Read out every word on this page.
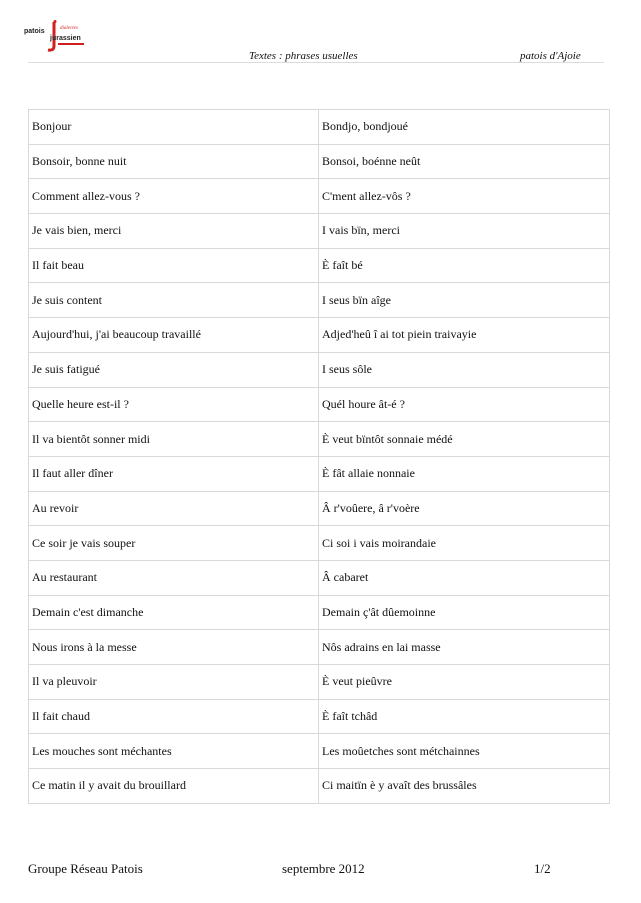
patois
jurassien
dialectes
Textes : phrases usuelles	patois d'Ajoie
Bonjour	Bondjo, bondjoué
Bonsoir, bonne nuit	Bonsoi, boénne neût
Comment allez-vous ?	C'ment allez-vôs ?
Je vais bien, merci	I vais bïn, merci
Il fait beau	È faît bé
Je suis content	I seus bïn aîge
Aujourd'hui, j'ai beaucoup travaillé	Adjed'heû î ai tot piein traivayie
Je suis fatigué	I seus sôle
Quelle heure est-il ?	Quél houre ât-é ?
Il va bientôt sonner midi	È veut bïntôt sonnaie médé
Il faut aller dîner	È fât allaie nonnaie
Au revoir	Â r'voûere, â r'voère
Ce soir je vais souper	Ci soi i vais moirandaie
Au restaurant	Â cabaret
Demain c'est dimanche	Demain ç'ât dûemoinne
Nous irons à la messe	Nôs adrains en lai masse
Il va pleuvoir	È veut pieûvre
Il fait chaud	È faît tchâd
Les mouches sont méchantes	Les moûetches sont métchainnes
Ce matin il y avait du brouillard	Ci maitïn è y avaît des brussâles
Groupe Réseau Patois	septembre 2012	1/2
